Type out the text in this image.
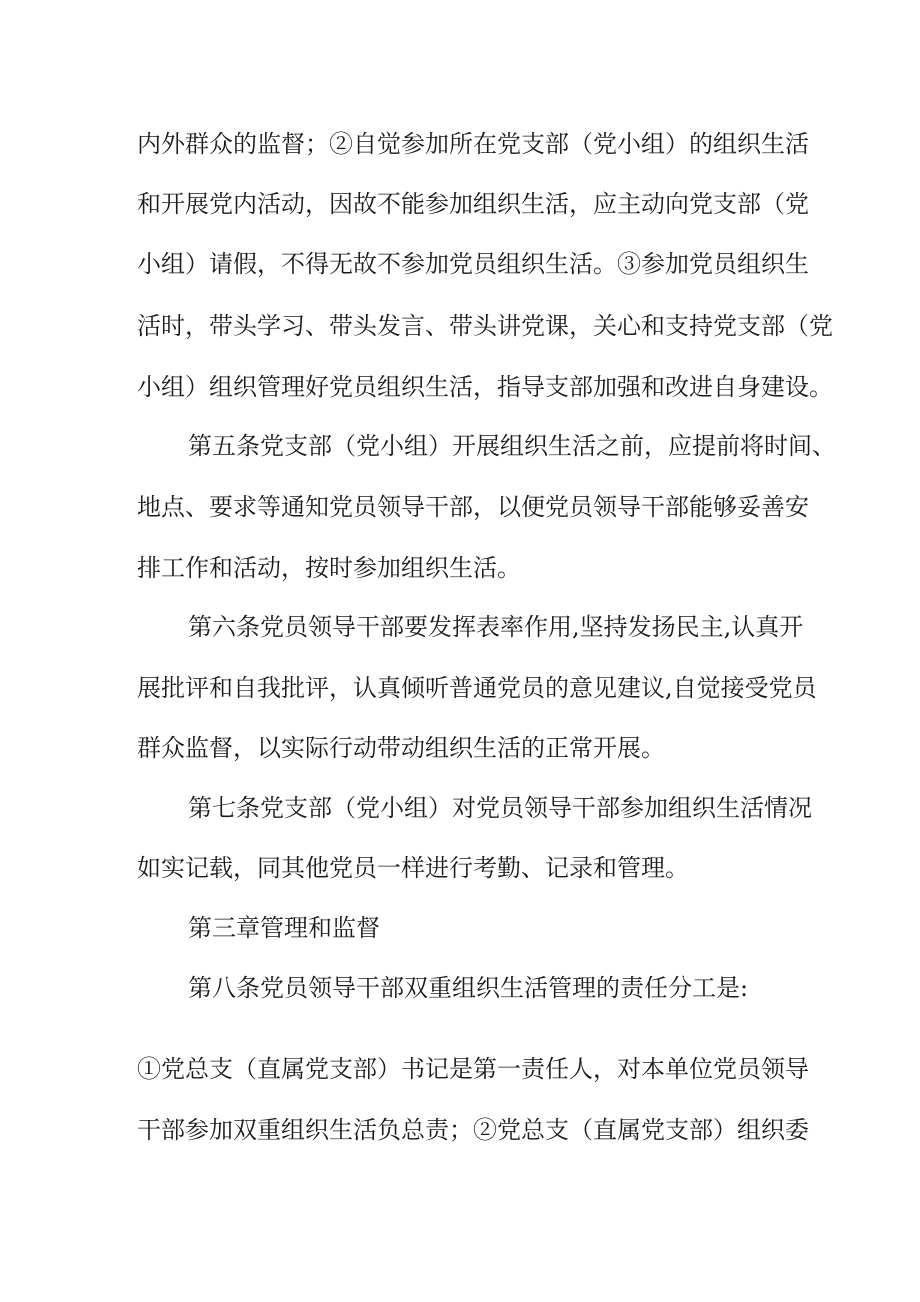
内外群众的监督；②自觉参加所在党支部（党小组）的组织生活
和开展党内活动，因故不能参加组织生活，应主动向党支部（党
小组）请假，不得无故不参加党员组织生活。③参加党员组织生
活时，带头学习、带头发言、带头讲党课，关心和支持党支部（党
小组）组织管理好党员组织生活，指导支部加强和改进自身建设。
第五条党支部（党小组）开展组织生活之前，应提前将时间、
地点、要求等通知党员领导干部，以便党员领导干部能够妥善安
排工作和活动，按时参加组织生活。
第六条党员领导干部要发挥表率作用,坚持发扬民主,认真开
展批评和自我批评，认真倾听普通党员的意见建议,自觉接受党员
群众监督，以实际行动带动组织生活的正常开展。
第七条党支部（党小组）对党员领导干部参加组织生活情况
如实记载，同其他党员一样进行考勤、记录和管理。
第三章管理和监督
第八条党员领导干部双重组织生活管理的责任分工是:
①党总支（直属党支部）书记是第一责任人，对本单位党员领导
干部参加双重组织生活负总责；②党总支（直属党支部）组织委
